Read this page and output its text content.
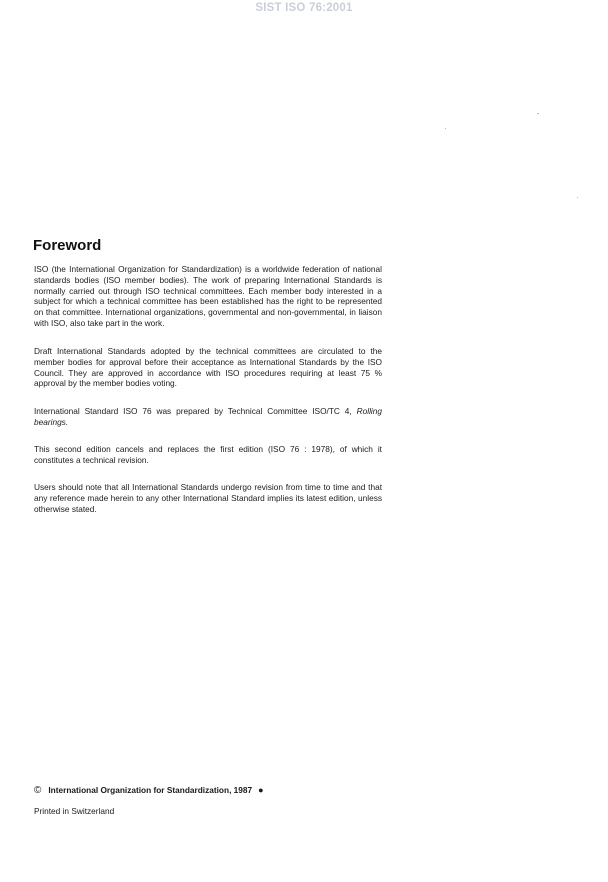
SIST ISO 76:2001
Foreword

ISO (the International Organization for Standardization) is a worldwide federation of national standards bodies (ISO member bodies). The work of preparing International Standards is normally carried out through ISO technical committees. Each member body interested in a subject for which a technical committee has been established has the right to be represented on that committee. International organizations, governmental and non-governmental, in liaison with ISO, also take part in the work.

Draft International Standards adopted by the technical committees are circulated to the member bodies for approval before their acceptance as International Standards by the ISO Council. They are approved in accordance with ISO procedures requiring at least 75 % approval by the member bodies voting.

International Standard ISO 76 was prepared by Technical Committee ISO/TC 4, Rolling bearings.

This second edition cancels and replaces the first edition (ISO 76 : 1978), of which it constitutes a technical revision.

Users should note that all International Standards undergo revision from time to time and that any reference made herein to any other International Standard implies its latest edition, unless otherwise stated.

© International Organization for Standardization, 1987 ●
Printed in Switzerland
